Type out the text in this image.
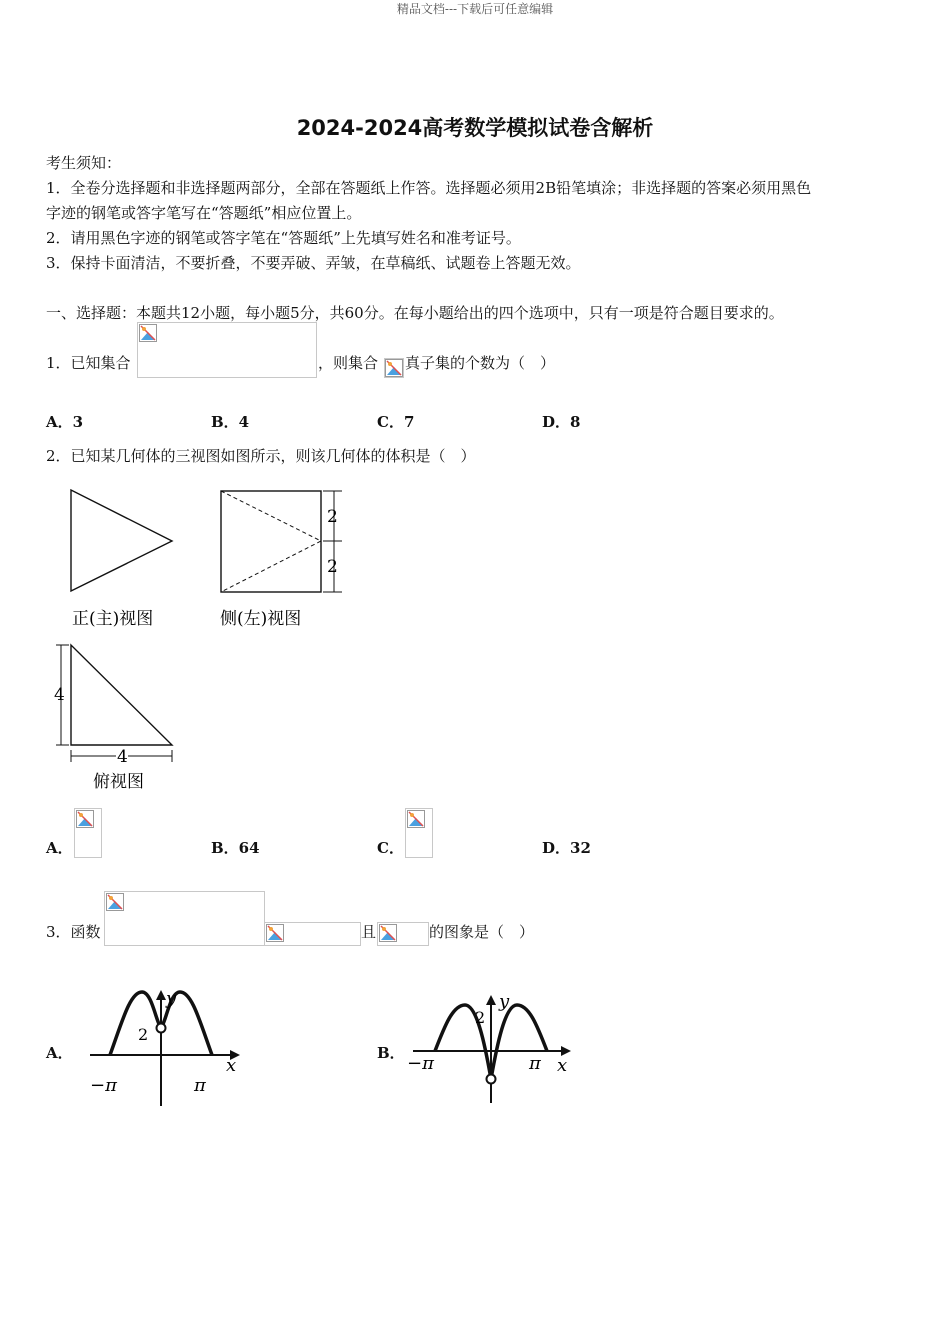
精品文档---下载后可任意编辑
2024-2024高考数学模拟试卷含解析
考生须知：
1．全卷分选择题和非选择题两部分，全部在答题纸上作答。选择题必须用2B铅笔填涂；非选择题的答案必须用黑色
字迹的钢笔或答字笔写在“答题纸”相应位置上。
2．请用黑色字迹的钢笔或答字笔在“答题纸”上先填写姓名和准考证号。
3．保持卡面清洁，不要折叠，不要弄破、弄皱，在草稿纸、试题卷上答题无效。
一、选择题：本题共12小题，每小题5分，共60分。在每小题给出的四个选项中，只有一项是符合题目要求的。
1．已知集合	，则集合 真子集的个数为（　）
A．3	B．4	C．7	D．8
2．已知某几何体的三视图如图所示，则该几何体的体积是（　）
正(主)视图
2
2
侧(左)视图
4
4
俯视图
A．	B．64	C．	D．32
3．函数	且	的图象是（　）
A．
y
x
2
−π	π
B．
y
x
2
−π	π
